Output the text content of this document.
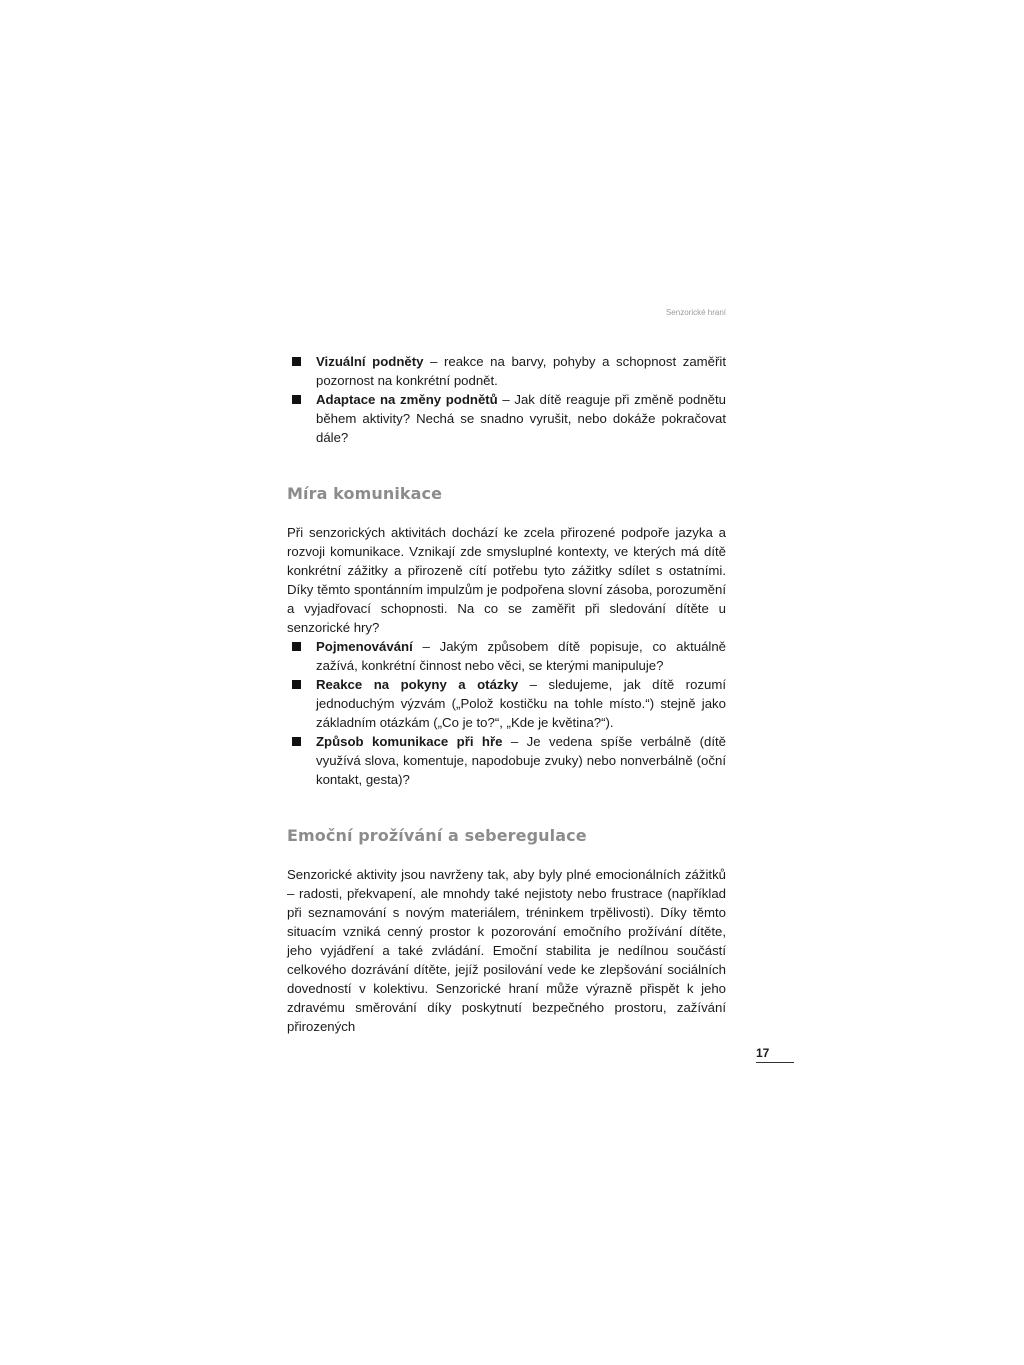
Senzorické hraní
Vizuální podněty – reakce na barvy, pohyby a schopnost zaměřit pozornost na konkrétní podnět.
Adaptace na změny podnětů – Jak dítě reaguje při změně podnětu během aktivity? Nechá se snadno vyrušit, nebo dokáže pokračovat dále?
Míra komunikace

Při senzorických aktivitách dochází ke zcela přirozené podpoře jazyka a rozvoji komunikace. Vznikají zde smysluplné kontexty, ve kterých má dítě konkrétní zážitky a přirozeně cítí potřebu tyto zážitky sdílet s ostatními. Díky těmto spontánním impulzům je podpořena slovní zásoba, porozumění a vyjadřovací schopnosti. Na co se zaměřit při sledování dítěte u senzorické hry?

Pojmenovávání – Jakým způsobem dítě popisuje, co aktuálně zažívá, konkrétní činnost nebo věci, se kterými manipuluje?
Reakce na pokyny a otázky – sledujeme, jak dítě rozumí jednoduchým výzvám („Polož kostičku na tohle místo.“) stejně jako základním otázkám („Co je to?“, „Kde je květina?“).
Způsob komunikace při hře – Je vedena spíše verbálně (dítě využívá slova, komentuje, napodobuje zvuky) nebo nonverbálně (oční kontakt, gesta)?
Emoční prožívání a seberegulace

Senzorické aktivity jsou navrženy tak, aby byly plné emocionálních zážitků – radosti, překvapení, ale mnohdy také nejistoty nebo frustrace (například při seznamování s novým materiálem, tréninkem trpělivosti). Díky těmto situacím vzniká cenný prostor k pozorování emočního prožívání dítěte, jeho vyjádření a také zvládání. Emoční stabilita je nedílnou součástí celkového dozrávání dítěte, jejíž posilování vede ke zlepšování sociálních dovedností v kolektivu. Senzorické hraní může výrazně přispět k jeho zdravému směrování díky poskytnutí bezpečného prostoru, zažívání přirozených

17
